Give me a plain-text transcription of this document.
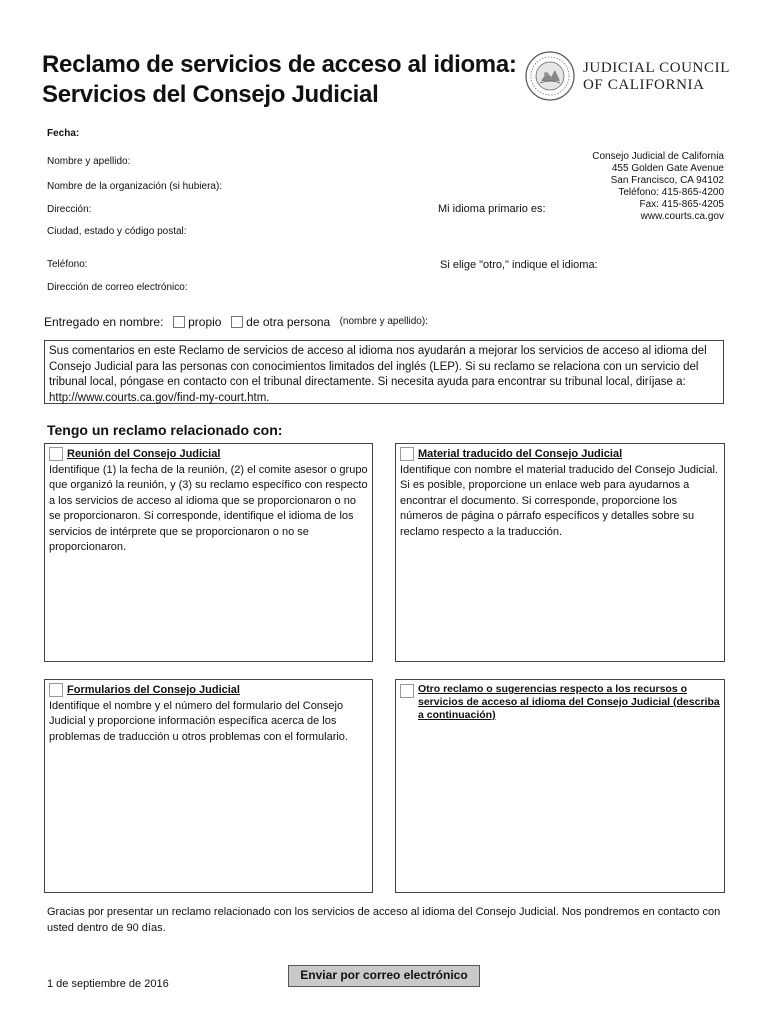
Reclamo de servicios de acceso al idioma:
Servicios del Consejo Judicial
JUDICIAL COUNCIL
OF CALIFORNIA
Fecha:
Nombre y apellido:
Nombre de la organización (si hubiera):
Dirección:
Ciudad, estado y código postal:
Teléfono:
Dirección de correo electrónico:
Mi idioma primario es:
Si elige "otro," indique el idioma:
Consejo Judicial de California
455 Golden Gate Avenue
San Francisco, CA 94102
Teléfono: 415-865-4200
Fax: 415-865-4205
www.courts.ca.gov
Entregado en nombre: propio de otra persona (nombre y apellido):
Sus comentarios en este Reclamo de servicios de acceso al idioma nos ayudarán a mejorar los servicios de acceso al idioma del Consejo Judicial para las personas con conocimientos limitados del inglés (LEP). Si su reclamo se relaciona con un servicio del tribunal local, póngase en contacto con el tribunal directamente. Si necesita ayuda para encontrar su tribunal local, diríjase a: http://www.courts.ca.gov/find-my-court.htm.
Tengo un reclamo relacionado con:
Reunión del Consejo Judicial
Identifique (1) la fecha de la reunión, (2) el comite asesor o grupo que organizó la reunión, y (3) su reclamo específico con respecto a los servicios de acceso al idioma que se proporcionaron o no se proporcionaron. Si corresponde, identifique el idioma de los servicios de intérprete que se proporcionaron o no se proporcionaron.
Material traducido del Consejo Judicial
Identifique con nombre el material traducido del Consejo Judicial. Si es posible, proporcione un enlace web para ayudarnos a encontrar el documento. Si corresponde, proporcione los números de página o párrafo específicos y detalles sobre su reclamo respecto a la traducción.
Formularios del Consejo Judicial
Identifique el nombre y el número del formulario del Consejo Judicial y proporcione información específica acerca de los problemas de traducción u otros problemas con el formulario.
Otro reclamo o sugerencias respecto a los recursos o servicios de acceso al idioma del Consejo Judicial (describa a continuación)
Gracias por presentar un reclamo relacionado con los servicios de acceso al idioma del Consejo Judicial. Nos pondremos en contacto con usted dentro de 90 días.
1 de septiembre de 2016
Enviar por correo electrónico
